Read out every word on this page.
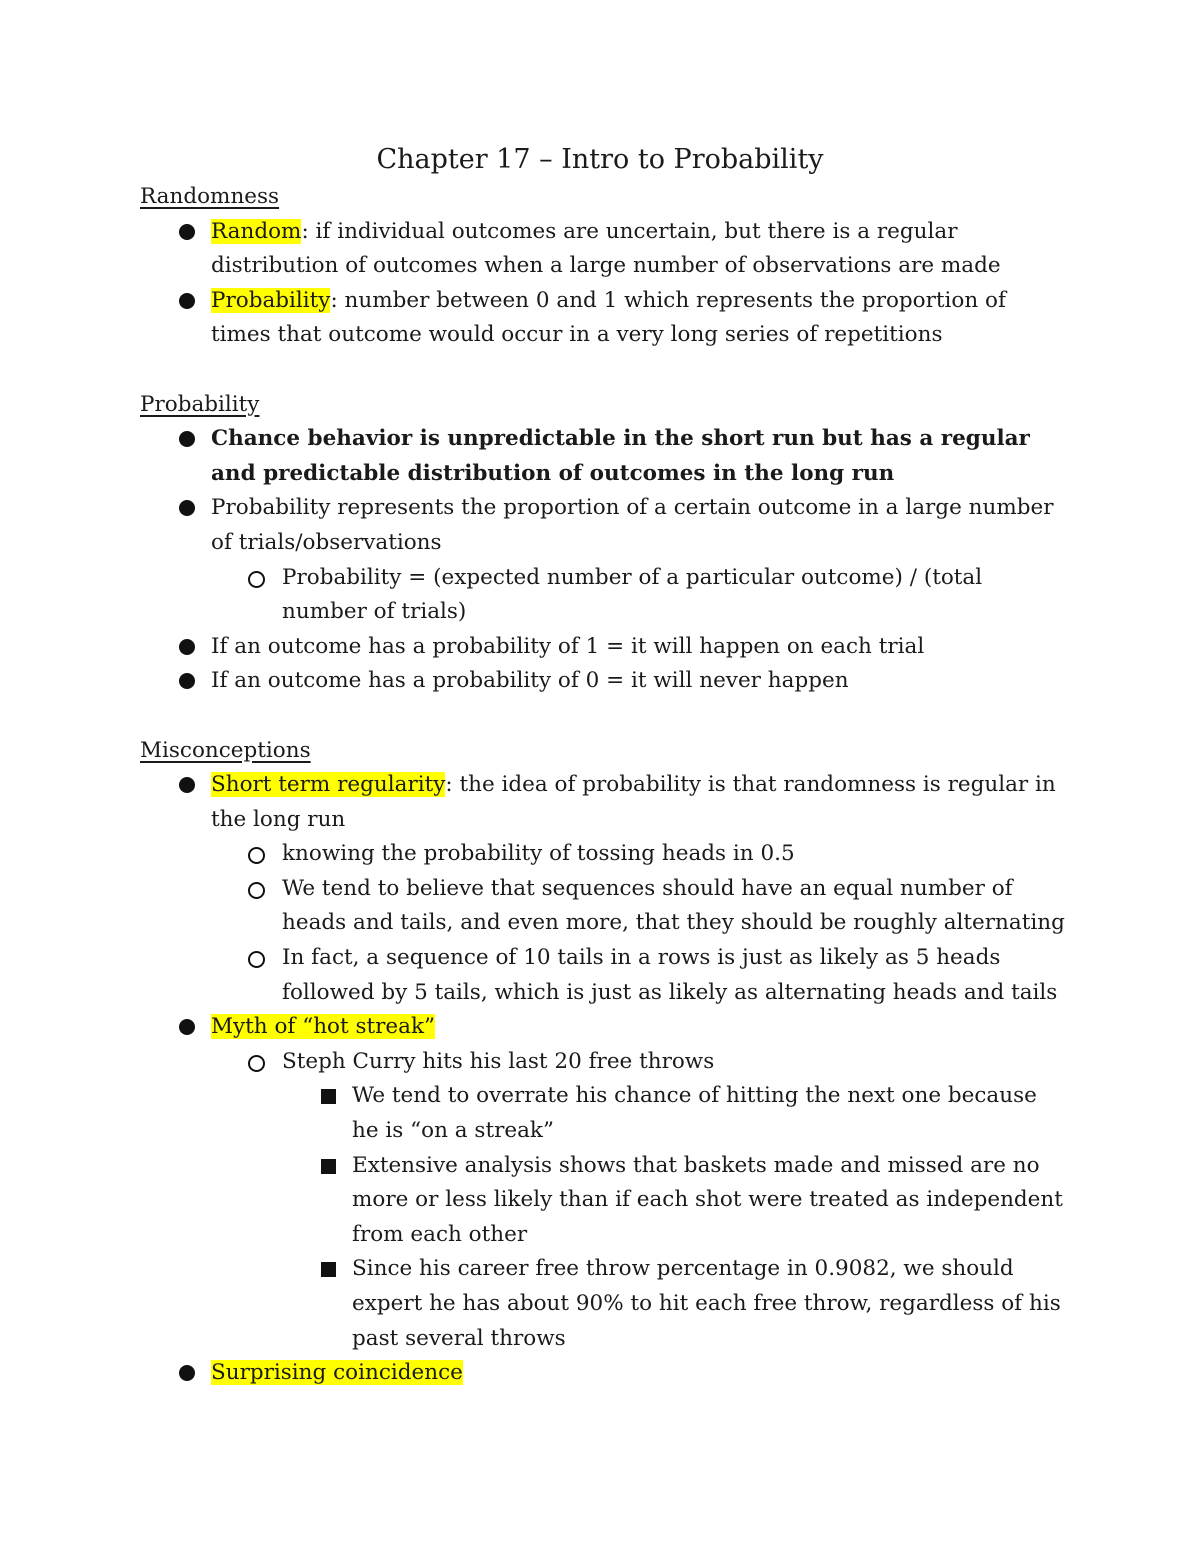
Chapter 17 – Intro to Probability
Randomness
Random: if individual outcomes are uncertain, but there is a regular distribution of outcomes when a large number of observations are made
Probability: number between 0 and 1 which represents the proportion of times that outcome would occur in a very long series of repetitions
Probability
Chance behavior is unpredictable in the short run but has a regular and predictable distribution of outcomes in the long run
Probability represents the proportion of a certain outcome in a large number of trials/observations
Probability = (expected number of a particular outcome) / (total number of trials)
If an outcome has a probability of 1 = it will happen on each trial
If an outcome has a probability of 0 = it will never happen
Misconceptions
Short term regularity: the idea of probability is that randomness is regular in the long run
knowing the probability of tossing heads in 0.5
We tend to believe that sequences should have an equal number of heads and tails, and even more, that they should be roughly alternating
In fact, a sequence of 10 tails in a rows is just as likely as 5 heads followed by 5 tails, which is just as likely as alternating heads and tails
Myth of “hot streak”
Steph Curry hits his last 20 free throws
We tend to overrate his chance of hitting the next one because he is “on a streak”
Extensive analysis shows that baskets made and missed are no more or less likely than if each shot were treated as independent from each other
Since his career free throw percentage in 0.9082, we should expert he has about 90% to hit each free throw, regardless of his past several throws
Surprising coincidence
